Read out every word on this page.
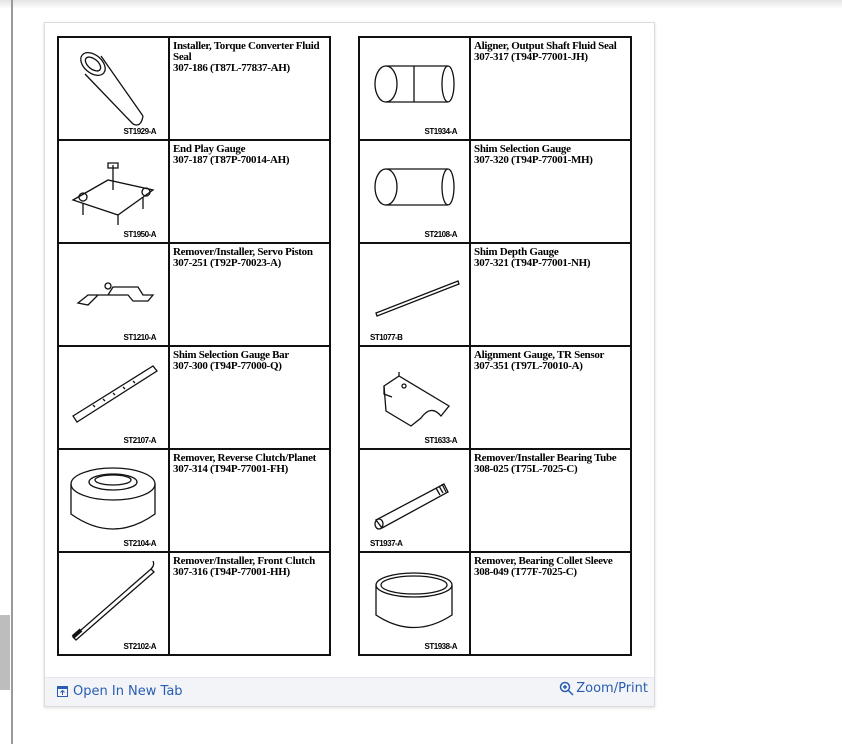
ST1929-A	Installer, Torque Converter Fluid Seal
307-186 (T87L-77837-AH)

ST1950-A	End Play Gauge
307-187 (T87P-70014-AH)

ST1210-A	Remover/Installer, Servo Piston
307-251 (T92P-70023-A)

ST2107-A	Shim Selection Gauge Bar
307-300 (T94P-77000-Q)

ST2104-A	Remover, Reverse Clutch/Planet
307-314 (T94P-77001-FH)

ST2102-A	Remover/Installer, Front Clutch
307-316 (T94P-77001-HH)
ST1934-A	Aligner, Output Shaft Fluid Seal
307-317 (T94P-77001-JH)

ST2108-A	Shim Selection Gauge
307-320 (T94P-77001-MH)

ST1077-B	Shim Depth Gauge
307-321 (T94P-77001-NH)

ST1633-A	Alignment Gauge, TR Sensor
307-351 (T97L-70010-A)

ST1937-A	Remover/Installer Bearing Tube
308-025 (T75L-7025-C)

ST1938-A	Remover, Bearing Collet Sleeve
308-049 (T77F-7025-C)
Open In New Tab	Zoom/Print
